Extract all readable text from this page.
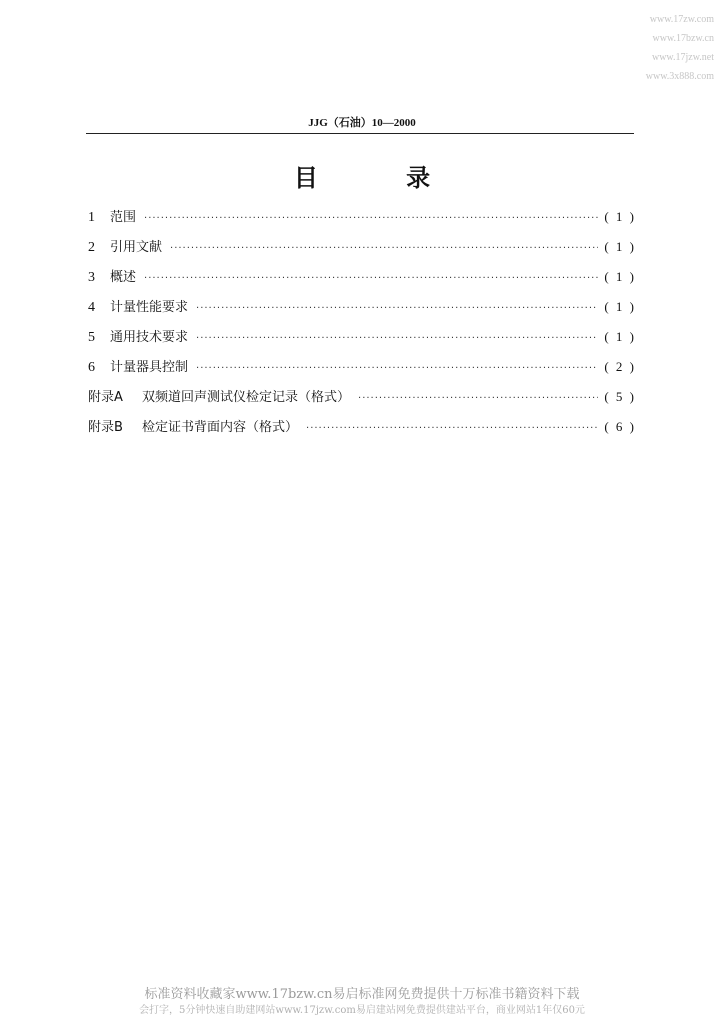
www.17zw.com
www.17bzw.cn
www.17jzw.net
www.3x888.com
JJG（石油）10—2000
目 录
1	范围 ·····	( 1 )
2	引用文献 ·····	( 1 )
3	概述 ·····	( 1 )
4	计量性能要求 ·····	( 1 )
5	通用技术要求 ·····	( 1 )
6	计量器具控制 ·····	( 2 )
附录A	双频道回声测试仪检定记录（格式） ·····	( 5 )
附录B	检定证书背面内容（格式） ·····	( 6 )
标准资料收藏家www.17bzw.cn易启标准网免费提供十万标准书籍资料下载
会打字，5分钟快速自助建网站www.17jzw.com易启建站网免费提供建站平台，商业网站1年仅60元
